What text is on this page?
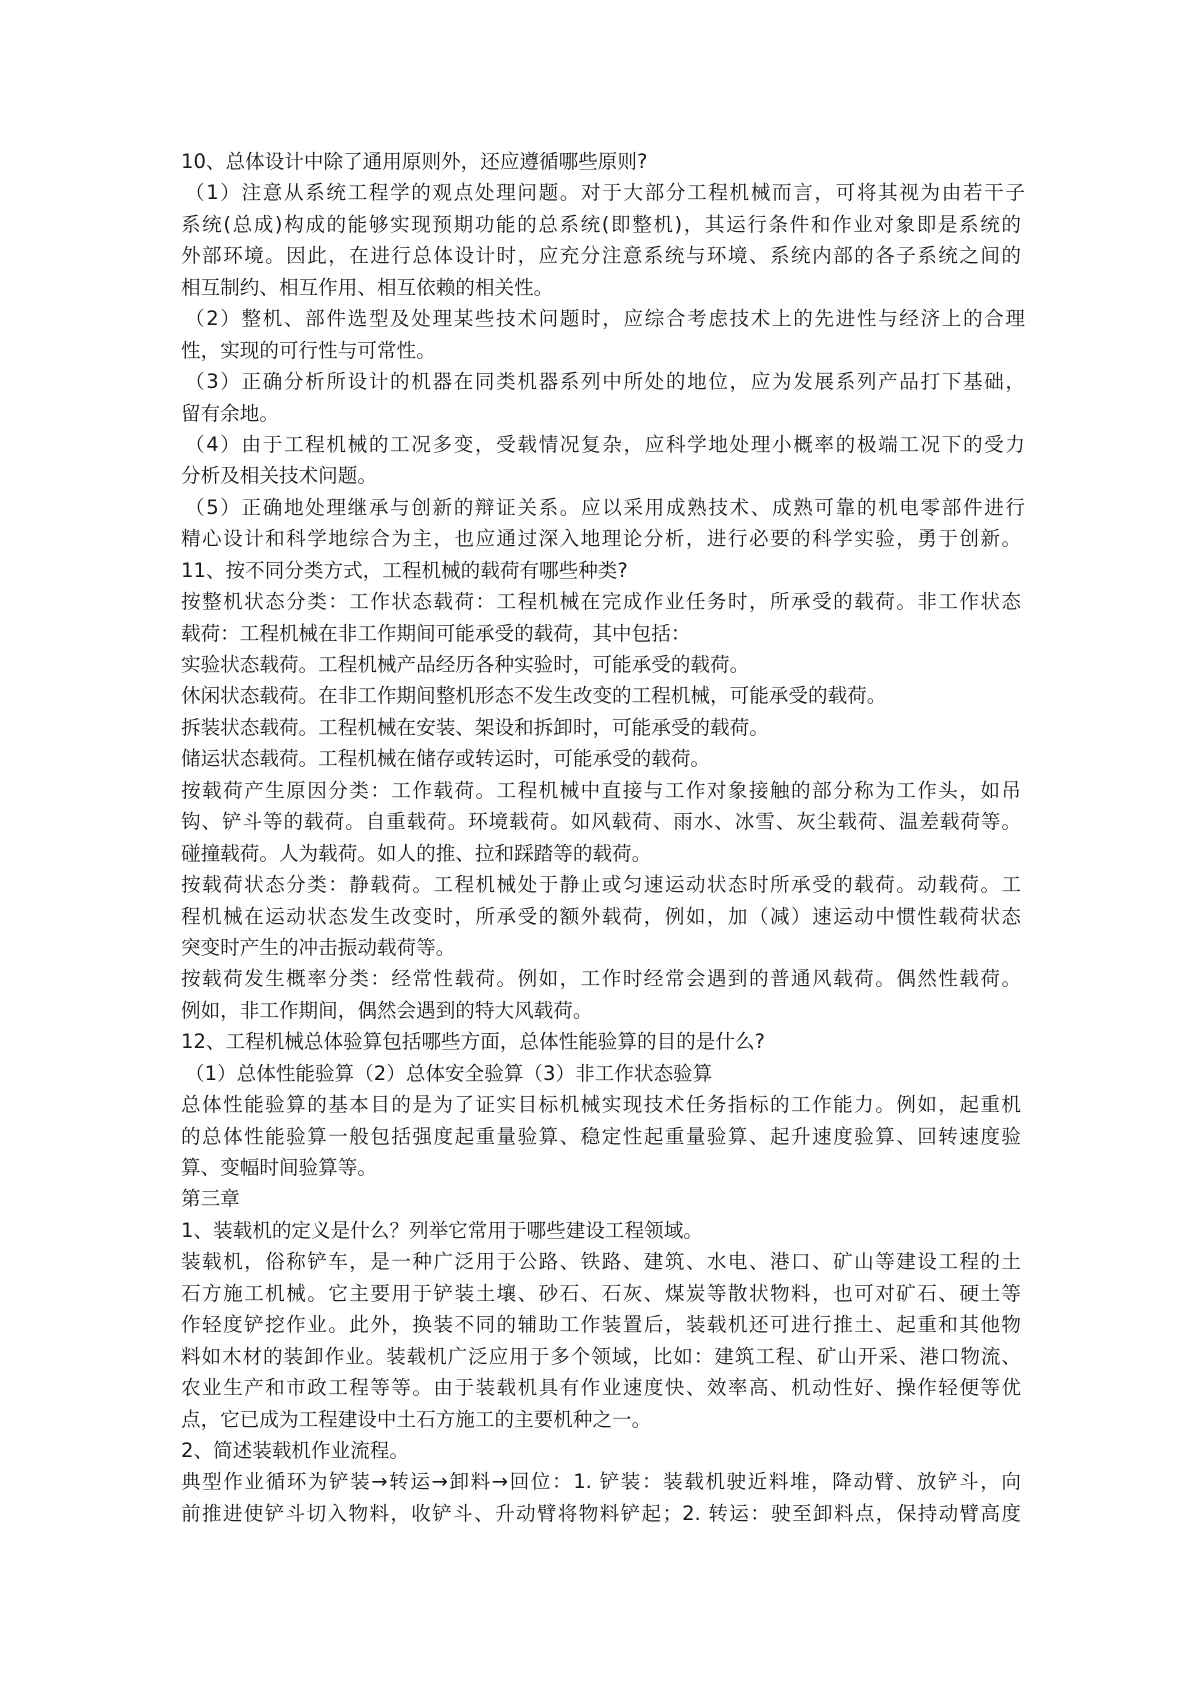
10、总体设计中除了通用原则外，还应遵循哪些原则?
（1）注意从系统工程学的观点处理问题。对于大部分工程机械而言，可将其视为由若干子
系统(总成)构成的能够实现预期功能的总系统(即整机)，其运行条件和作业对象即是系统的
外部环境。因此，在进行总体设计时，应充分注意系统与环境、系统内部的各子系统之间的
相互制约、相互作用、相互依赖的相关性。
（2）整机、部件选型及处理某些技术问题时，应综合考虑技术上的先进性与经济上的合理
性，实现的可行性与可常性。
（3）正确分析所设计的机器在同类机器系列中所处的地位，应为发展系列产品打下基础，
留有余地。
（4）由于工程机械的工况多变，受载情况复杂，应科学地处理小概率的极端工况下的受力
分析及相关技术问题。
（5）正确地处理继承与创新的辩证关系。应以采用成熟技术、成熟可靠的机电零部件进行
精心设计和科学地综合为主，也应通过深入地理论分析，进行必要的科学实验，勇于创新。
11、按不同分类方式，工程机械的载荷有哪些种类?
按整机状态分类：工作状态载荷：工程机械在完成作业任务时，所承受的载荷。非工作状态
载荷：工程机械在非工作期间可能承受的载荷，其中包括：
实验状态载荷。工程机械产品经历各种实验时，可能承受的载荷。
休闲状态载荷。在非工作期间整机形态不发生改变的工程机械，可能承受的载荷。
拆装状态载荷。工程机械在安装、架设和拆卸时，可能承受的载荷。
储运状态载荷。工程机械在储存或转运时，可能承受的载荷。
按载荷产生原因分类：工作载荷。工程机械中直接与工作对象接触的部分称为工作头，如吊
钩、铲斗等的载荷。自重载荷。环境载荷。如风载荷、雨水、冰雪、灰尘载荷、温差载荷等。
碰撞载荷。人为载荷。如人的推、拉和踩踏等的载荷。
按载荷状态分类：静载荷。工程机械处于静止或匀速运动状态时所承受的载荷。动载荷。工
程机械在运动状态发生改变时，所承受的额外载荷，例如，加（减）速运动中惯性载荷状态
突变时产生的冲击振动载荷等。
按载荷发生概率分类：经常性载荷。例如，工作时经常会遇到的普通风载荷。偶然性载荷。
例如，非工作期间，偶然会遇到的特大风载荷。
12、工程机械总体验算包括哪些方面，总体性能验算的目的是什么?
（1）总体性能验算（2）总体安全验算（3）非工作状态验算
总体性能验算的基本目的是为了证实目标机械实现技术任务指标的工作能力。例如，起重机
的总体性能验算一般包括强度起重量验算、稳定性起重量验算、起升速度验算、回转速度验
算、变幅时间验算等。
第三章
1、装载机的定义是什么？列举它常用于哪些建设工程领域。
装载机，俗称铲车，是一种广泛用于公路、铁路、建筑、水电、港口、矿山等建设工程的土
石方施工机械。它主要用于铲装土壤、砂石、石灰、煤炭等散状物料，也可对矿石、硬土等
作轻度铲挖作业。此外，换装不同的辅助工作装置后，装载机还可进行推土、起重和其他物
料如木材的装卸作业。装载机广泛应用于多个领域，比如：建筑工程、矿山开采、港口物流、
农业生产和市政工程等等。由于装载机具有作业速度快、效率高、机动性好、操作轻便等优
点，它已成为工程建设中土石方施工的主要机种之一。
2、简述装载机作业流程。
典型作业循环为铲装→转运→卸料→回位：1. 铲装：装载机驶近料堆，降动臂、放铲斗，向
前推进使铲斗切入物料，收铲斗、升动臂将物料铲起；2. 转运：驶至卸料点，保持动臂高度
